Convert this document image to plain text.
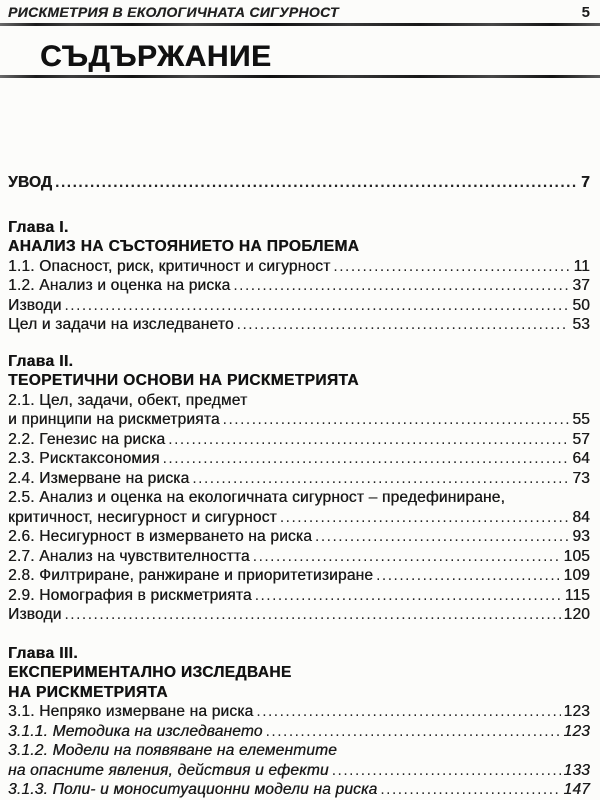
РИСКМЕТРИЯ В ЕКОЛОГИЧНАТА СИГУРНОСТ	5
СЪДЪРЖАНИЕ
УВОД .....	7
Глава I.
АНАЛИЗ НА СЪСТОЯНИЕТО НА ПРОБЛЕМА
1.1. Опасност, риск, критичност и сигурност .....	11
1.2. Анализ и оценка на риска .....	37
Изводи .....	50
Цел и задачи на изследването .....	53
Глава II.
ТЕОРЕТИЧНИ ОСНОВИ НА РИСКМЕТРИЯТА
2.1. Цел, задачи, обект, предмет
и принципи на рискметрията .....	55
2.2. Генезис на риска .....	57
2.3. Рисктаксономия .....	64
2.4. Измерване на риска .....	73
2.5. Анализ и оценка на екологичната сигурност – предефиниране,
критичност, несигурност и сигурност .....	84
2.6. Несигурност в измерването на риска .....	93
2.7. Анализ на чувствителността .....	105
2.8. Филтриране, ранжиране и приоритетизиране .....	109
2.9. Номография в рискметрията .....	115
Изводи .....	120
Глава III.
ЕКСПЕРИМЕНТАЛНО ИЗСЛЕДВАНЕ
НА РИСКМЕТРИЯТА
3.1. Непряко измерване на риска .....	123
3.1.1. Методика на изследването .....	123
3.1.2. Модели на появяване на елементите
на опасните явления, действия и ефекти .....	133
3.1.3. Поли- и моноситуационни модели на риска .....	147
